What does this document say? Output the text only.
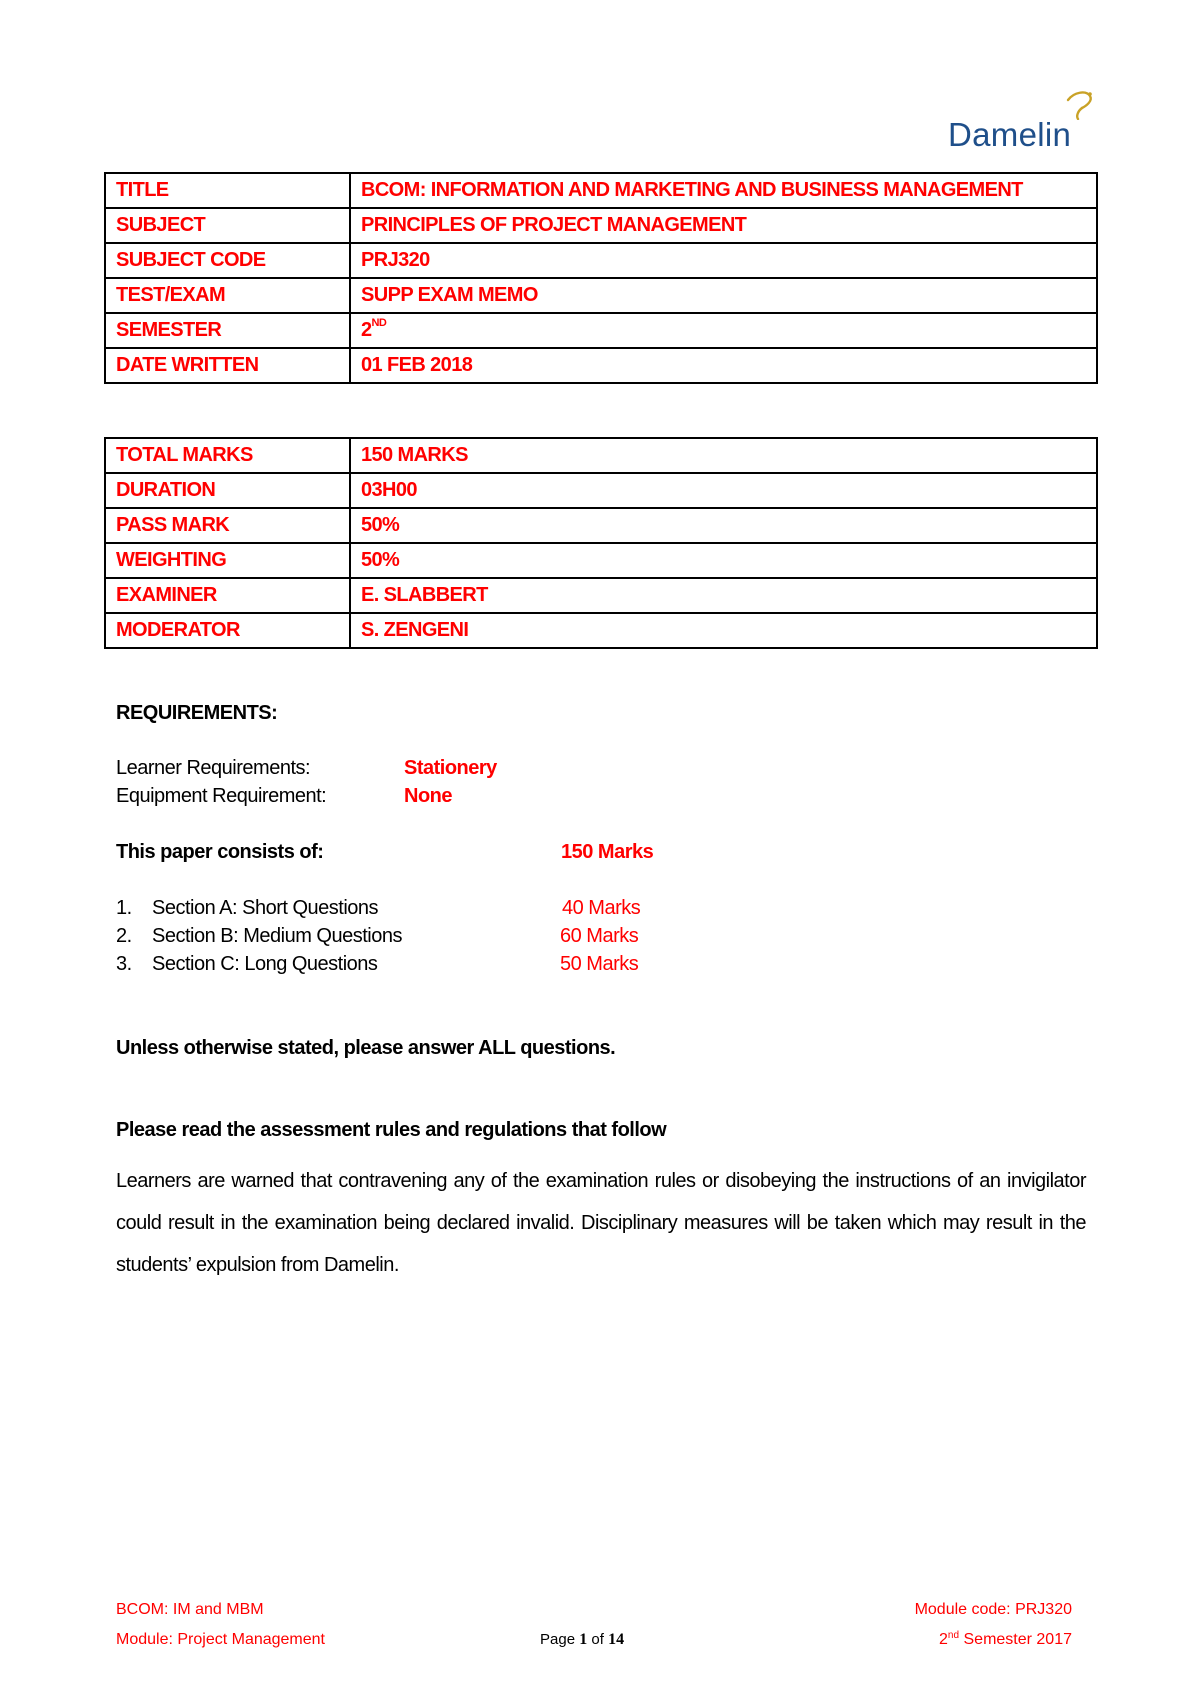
Damelin
TITLE	BCOM: INFORMATION AND MARKETING AND BUSINESS MANAGEMENT
SUBJECT	PRINCIPLES OF PROJECT MANAGEMENT
SUBJECT CODE	PRJ320
TEST/EXAM	SUPP EXAM MEMO
SEMESTER	2ND
DATE WRITTEN	01 FEB 2018
TOTAL MARKS	150 MARKS
DURATION	03H00
PASS MARK	50%
WEIGHTING	50%
EXAMINER	E. SLABBERT
MODERATOR	S. ZENGENI
REQUIREMENTS:
Learner Requirements:	Stationery
Equipment Requirement:	None
This paper consists of:	150 Marks
1. Section A: Short Questions	40 Marks
2. Section B: Medium Questions	60 Marks
3. Section C: Long Questions	50 Marks
Unless otherwise stated, please answer ALL questions.
Please read the assessment rules and regulations that follow
Learners are warned that contravening any of the examination rules or disobeying the instructions of an invigilator could result in the examination being declared invalid. Disciplinary measures will be taken which may result in the students’ expulsion from Damelin.
BCOM: IM and MBM
Module: Project Management	Page 1 of 14
Module code: PRJ320
2nd Semester 2017
